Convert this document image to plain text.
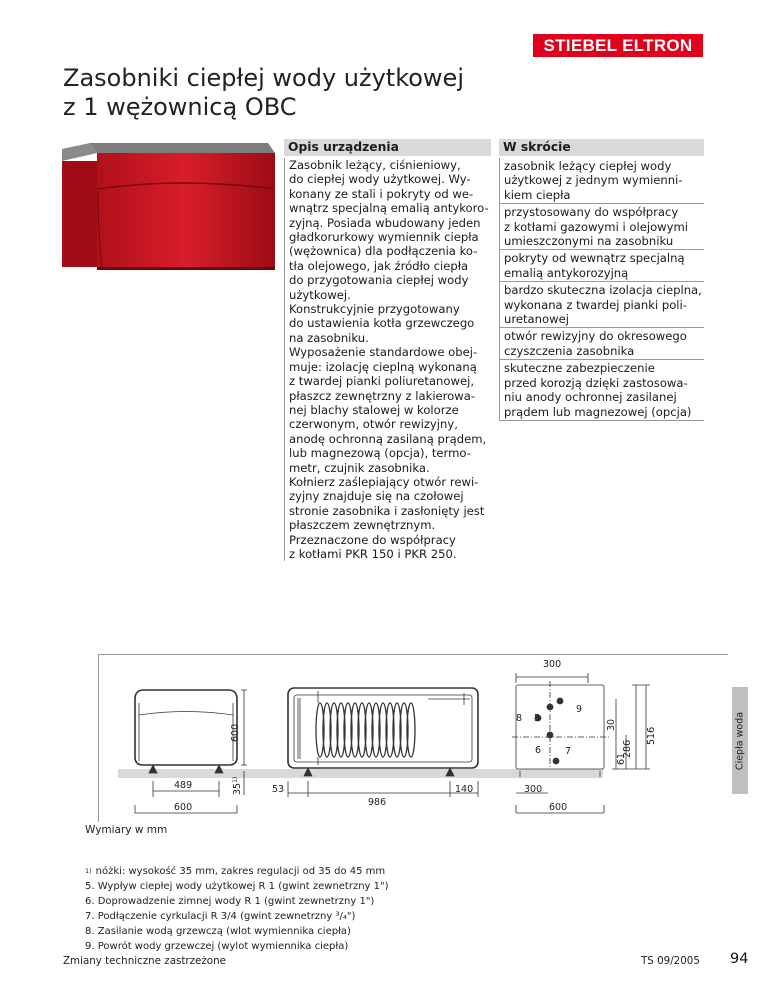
STIEBEL ELTRON
Zasobniki ciepłej wody użytkowej
z 1 wężownicą OBC
Opis urządzenia
Zasobnik leżący, ciśnieniowy,
do ciepłej wody użytkowej. Wy-
konany ze stali i pokryty od we-
wnątrz specjalną emalią antykoro-
zyjną. Posiada wbudowany jeden
gładkorurkowy wymiennik ciepła
(wężownica) dla podłączenia ko-
tła olejowego, jak źródło ciepła
do przygotowania ciepłej wody
użytkowej.
Konstrukcyjnie przygotowany
do ustawienia kotła grzewczego
na zasobniku.
Wyposażenie standardowe obej-
muje: izolację cieplną wykonaną
z twardej pianki poliuretanowej,
płaszcz zewnętrzny z lakierowa-
nej blachy stalowej w kolorze
czerwonym, otwór rewizyjny,
anodę ochronną zasilaną prądem,
lub magnezową (opcja), termo-
metr, czujnik zasobnika.
Kołnierz zaślepiający otwór rewi-
zyjny znajduje się na czołowej
stronie zasobnika i zasłonięty jest
płaszczem zewnętrznym.
Przeznaczone do współpracy
z kotłami PKR 150 i PKR 250.
W skrócie
zasobnik leżący ciepłej wody
użytkowej z jednym wymienni-
kiem ciepła
przystosowany do współpracy
z kotłami gazowymi i olejowymi
umieszczonymi na zasobniku
pokryty od wewnątrz specjalną
emalią antykorozyjną
bardzo skuteczna izolacja cieplna,
wykonana z twardej pianki poli-
uretanowej
otwór rewizyjny do okresowego
czyszczenia zasobnika
skuteczne zabezpieczenie
przed korozją dzięki zastosowa-
niu anody ochronnej zasilanej
prądem lub magnezowej (opcja)
Ciepła woda
300
600
489
600
35$^{1)}$
53
986
140	300
600
30
61
286
516
5
6	7
8
9
Wymiary w mm
$^{1)}$ nóżki: wysokość 35 mm, zakres regulacji od 35 do 45 mm
5. Wypływ ciepłej wody użytkowej R 1 (gwint zewnetrzny 1")
6. Doprowadzenie zimnej wody R 1 (gwint zewnetrzny 1")
7. Podłączenie cyrkulacji R 3/4 (gwint zewnetrzny ³/₄")
8. Zasilanie wodą grzewczą (wlot wymiennika ciepła)
9. Powrót wody grzewczej (wylot wymiennika ciepła)
Zmiany techniczne zastrzeżone	TS 09/2005 94
